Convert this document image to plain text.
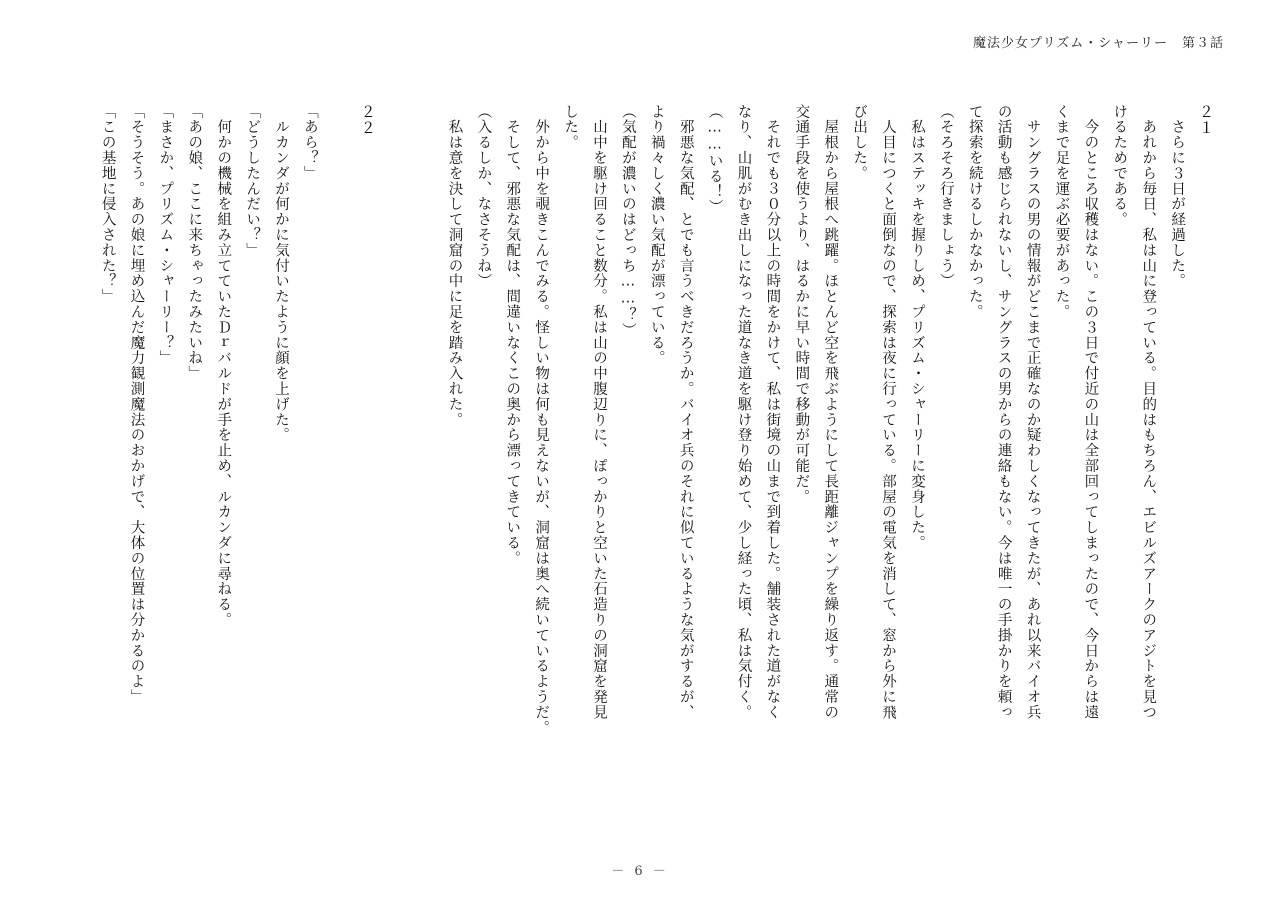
魔法少女プリズム・シャーリー　第３話
２１
　さらに３日が経過した。
　あれから毎日、私は山に登っている。目的はもちろん、エビルズアークのアジトを見つ
けるためである。
　今のところ収穫はない。この３日で付近の山は全部回ってしまったので、今日からは遠
くまで足を運ぶ必要があった。
　サングラスの男の情報がどこまで正確なのか疑わしくなってきたが、あれ以来バイオ兵
の活動も感じられないし、サングラスの男からの連絡もない。今は唯一の手掛かりを頼っ
て探索を続けるしかなかった。
（そろそろ行きましょう）
　私はステッキを握りしめ、プリズム・シャーリーに変身した。
　人目につくと面倒なので、探索は夜に行っている。部屋の電気を消して、窓から外に飛
び出した。
　屋根から屋根へ跳躍。ほとんど空を飛ぶようにして長距離ジャンプを繰り返す。通常の
交通手段を使うより、はるかに早い時間で移動が可能だ。
　それでも３０分以上の時間をかけて、私は街境の山まで到着した。舗装された道がなく
なり、山肌がむき出しになった道なき道を駆け登り始めて、少し経った頃、私は気付く。
（……いる！）
　邪悪な気配、とでも言うべきだろうか。バイオ兵のそれに似ているような気がするが、
より禍々しく濃い気配が漂っている。
（気配が濃いのはどっち……？）
　山中を駆け回ること数分。私は山の中腹辺りに、ぽっかりと空いた石造りの洞窟を発見
した。
　外から中を覗きこんでみる。怪しい物は何も見えないが、洞窟は奥へ続いているようだ。
　そして、邪悪な気配は、間違いなくこの奥から漂ってきている。
（入るしか、なさそうね）
　私は意を決して洞窟の中に足を踏み入れた。

２２

「あら？」
　ルカンダが何かに気付いたように顔を上げた。
「どうしたんだい？」
　何かの機械を組み立てていたＤｒバルドが手を止め、ルカンダに尋ねる。
「あの娘、ここに来ちゃったみたいね」
「まさか、プリズム・シャーリー？」
「そうそう。あの娘に埋め込んだ魔力観測魔法のおかげで、大体の位置は分かるのよ」
「この基地に侵入された？」
－ 6 －
